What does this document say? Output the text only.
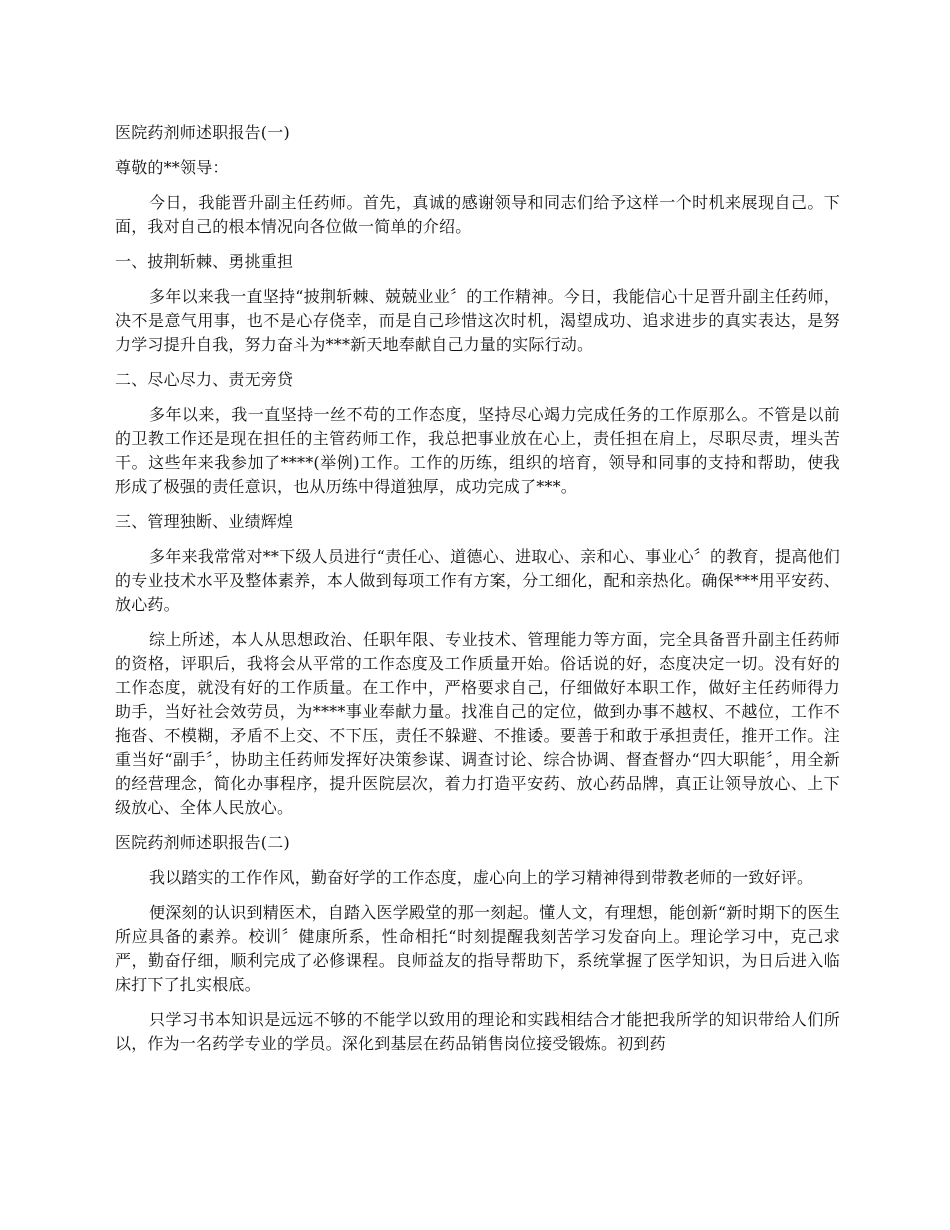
医院药剂师述职报告(一)
尊敬的**领导：

今日，我能晋升副主任药师。首先，真诚的感谢领导和同志们给予这样一个时机来展现自己。下面，我对自己的根本情况向各位做一简单的介绍。

一、披荆斩棘、勇挑重担

多年以来我一直坚持“披荆斩棘、兢兢业业〞的工作精神。今日，我能信心十足晋升副主任药师，决不是意气用事，也不是心存侥幸，而是自己珍惜这次时机，渴望成功、追求进步的真实表达，是努力学习提升自我，努力奋斗为***新天地奉献自己力量的实际行动。

二、尽心尽力、责无旁贷

多年以来，我一直坚持一丝不苟的工作态度，坚持尽心竭力完成任务的工作原那么。不管是以前的卫教工作还是现在担任的主管药师工作，我总把事业放在心上，责任担在肩上，尽职尽责，埋头苦干。这些年来我参加了****(举例)工作。工作的历练，组织的培育，领导和同事的支持和帮助，使我形成了极强的责任意识，也从历练中得道独厚，成功完成了***。

三、管理独断、业绩辉煌

多年来我常常对**下级人员进行“责任心、道德心、进取心、亲和心、事业心〞的教育，提高他们的专业技术水平及整体素养，本人做到每项工作有方案，分工细化，配和亲热化。确保***用平安药、放心药。

综上所述，本人从思想政治、任职年限、专业技术、管理能力等方面，完全具备晋升副主任药师的资格，评职后，我将会从平常的工作态度及工作质量开始。俗话说的好，态度决定一切。没有好的工作态度，就没有好的工作质量。在工作中，严格要求自己，仔细做好本职工作，做好主任药师得力助手，当好社会效劳员，为****事业奉献力量。找准自己的定位，做到办事不越权、不越位，工作不拖沓、不模糊，矛盾不上交、不下压，责任不躲避、不推诿。要善于和敢于承担责任，推开工作。注重当好“副手〞，协助主任药师发挥好决策参谋、调查讨论、综合协调、督查督办“四大职能〞，用全新的经营理念，简化办事程序，提升医院层次，着力打造平安药、放心药品牌，真正让领导放心、上下级放心、全体人民放心。

医院药剂师述职报告(二)

我以踏实的工作作风，勤奋好学的工作态度，虚心向上的学习精神得到带教老师的一致好评。

便深刻的认识到精医术，自踏入医学殿堂的那一刻起。懂人文，有理想，能创新“新时期下的医生所应具备的素养。校训〞健康所系，性命相托“时刻提醒我刻苦学习发奋向上。理论学习中，克己求严，勤奋仔细，顺利完成了必修课程。良师益友的指导帮助下，系统掌握了医学知识，为日后进入临床打下了扎实根底。

只学习书本知识是远远不够的不能学以致用的理论和实践相结合才能把我所学的知识带给人们所以，作为一名药学专业的学员。深化到基层在药品销售岗位接受锻炼。初到药
